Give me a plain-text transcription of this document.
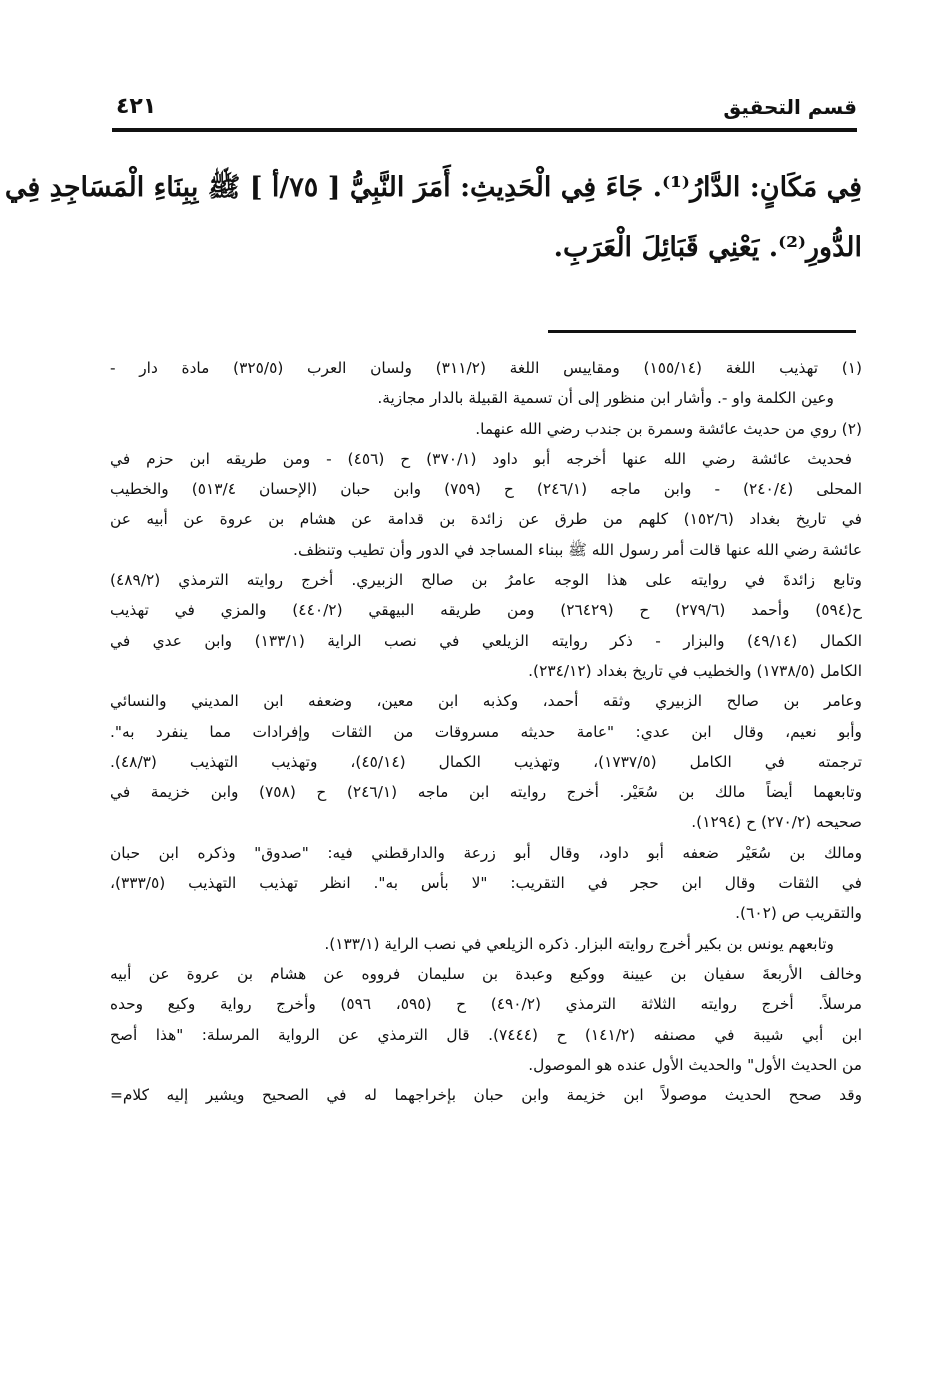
قسم التحقيق
٤٢١
فِي مَكَانٍ: الدَّارُ⁽¹⁾. جَاءَ فِي الْحَدِيثِ: أَمَرَ النَّبِيُّ [ ٧٥/أ ] ﷺ بِبِنَاءِ الْمَسَاجِدِ فِي
الدُّورِ⁽²⁾. يَعْنِي قَبَائِلَ الْعَرَبِ.
(١) تهذيب اللغة (١٥٥/١٤) ومقاييس اللغة (٣١١/٢) ولسان العرب (٣٢٥/٥) مادة دار -
وعين الكلمة واو -. وأشار ابن منظور إلى أن تسمية القبيلة بالدار مجازية.
(٢) روي من حديث عائشة وسمرة بن جندب رضي الله عنهما.
فحديث عائشة رضي الله عنها أخرجه أبو داود (٣٧٠/١) ح (٤٥٦) - ومن طريقه ابن حزم في
المحلى (٢٤٠/٤) - وابن ماجه (٢٤٦/١) ح (٧٥٩) وابن حبان (الإحسان ٥١٣/٤) والخطيب
في تاريخ بغداد (١٥٢/٦) كلهم من طرق عن زائدة بن قدامة عن هشام بن عروة عن أبيه عن
عائشة رضي الله عنها قالت أمر رسول الله ﷺ ببناء المساجد في الدور وأن تطيب وتنظف.
وتابع زائدةَ في روايته على هذا الوجه عامرُ بن صالح الزبيري. أخرج روايته الترمذي (٤٨٩/٢)
ح(٥٩٤) وأحمد (٢٧٩/٦) ح (٢٦٤٢٩) ومن طريقه البيهقي (٤٤٠/٢) والمزي في تهذيب
الكمال (٤٩/١٤) والبزار - ذكر روايته الزيلعي في نصب الراية (١٣٣/١) وابن عدي في
الكامل (١٧٣٨/٥) والخطيب في تاريخ بغداد (٢٣٤/١٢).
وعامر بن صالح الزبيري وثقه أحمد، وكذبه ابن معين، وضعفه ابن المديني والنسائي
وأبو نعيم، وقال ابن عدي: "عامة حديثه مسروقات من الثقات وإفرادات مما ينفرد به".
ترجمته في الكامل (١٧٣٧/٥)، وتهذيب الكمال (٤٥/١٤)، وتهذيب التهذيب (٤٨/٣).
وتابعهما أيضاً مالك بن سُعَيْر. أخرج روايته ابن ماجه (٢٤٦/١) ح (٧٥٨) وابن خزيمة في
صحيحه (٢٧٠/٢) ح (١٢٩٤).
ومالك بن سُعَيْر ضعفه أبو داود، وقال أبو زرعة والدارقطني فيه: "صدوق" وذكره ابن حبان
في الثقات وقال ابن حجر في التقريب: "لا بأس به". انظر تهذيب التهذيب (٣٣٣/٥)،
والتقريب ص (٦٠٢).
وتابعهم يونس بن بكير أخرج روايته البزار. ذكره الزيلعي في نصب الراية (١٣٣/١).
وخالف الأربعةَ سفيان بن عيينة ووكيع وعبدة بن سليمان فرووه عن هشام بن عروة عن أبيه
مرسلاً. أخرج روايته الثلاثة الترمذي (٤٩٠/٢) ح (٥٩٥، ٥٩٦) وأخرج رواية وكيع وحده
ابن أبي شيبة في مصنفه (١٤١/٢) ح (٧٤٤٤). قال الترمذي عن الرواية المرسلة: "هذا أصح
من الحديث الأول" والحديث الأول عنده هو الموصول.
وقد صحح الحديث موصولاً ابن خزيمة وابن حبان بإخراجهما له في الصحيح ويشير إليه كلام=
